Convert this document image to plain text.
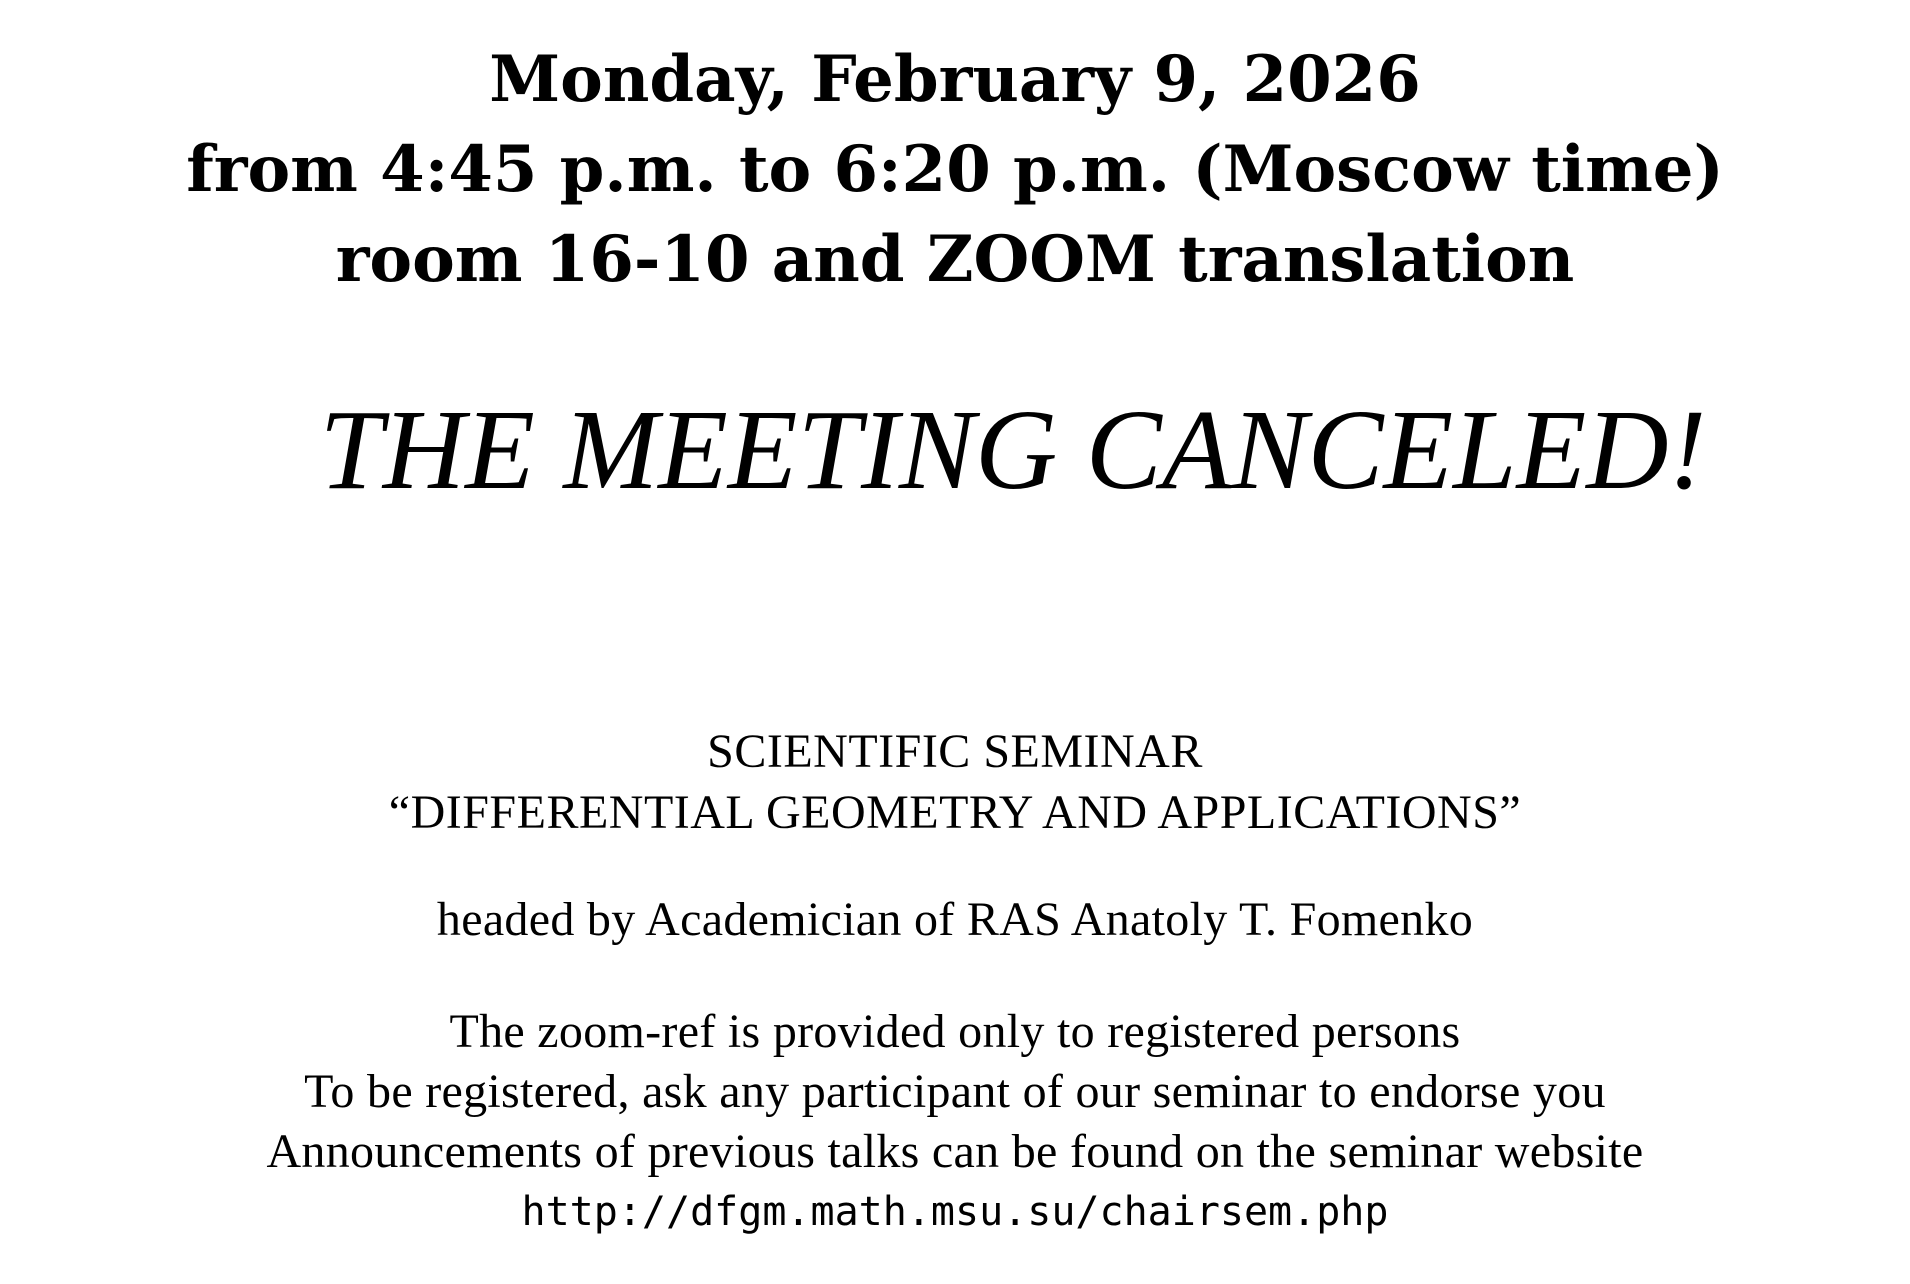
Monday, February 9, 2026

from 4:45 p.m. to 6:20 p.m. (Moscow time)

room 16-10 and ZOOM translation

THE MEETING CANCELED!

SCIENTIFIC SEMINAR

“DIFFERENTIAL GEOMETRY AND APPLICATIONS”

headed by Academician of RAS Anatoly T. Fomenko

The zoom-ref is provided only to registered persons

To be registered, ask any participant of our seminar to endorse you

Announcements of previous talks can be found on the seminar website

http://dfgm.math.msu.su/chairsem.php
